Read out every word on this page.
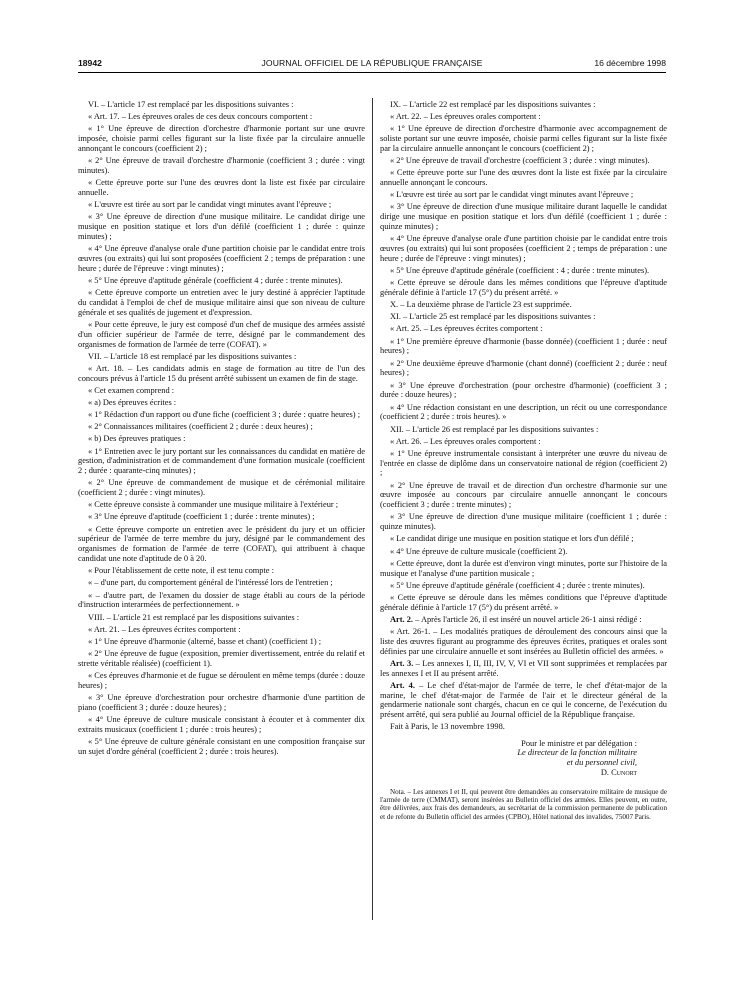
18942	JOURNAL OFFICIEL DE LA RÉPUBLIQUE FRANÇAISE	16 décembre 1998

VI. – L'article 17 est remplacé par les dispositions suivantes :

« Art. 17. – Les épreuves orales de ces deux concours comportent :

« 1° Une épreuve de direction d'orchestre d'harmonie portant sur une œuvre imposée, choisie parmi celles figurant sur la liste fixée par la circulaire annuelle annonçant le concours (coefficient 2) ;

« 2° Une épreuve de travail d'orchestre d'harmonie (coefficient 3 ; durée : vingt minutes).

« Cette épreuve porte sur l'une des œuvres dont la liste est fixée par circulaire annuelle.

« L'œuvre est tirée au sort par le candidat vingt minutes avant l'épreuve ;

« 3° Une épreuve de direction d'une musique militaire. Le candidat dirige une musique en position statique et lors d'un défilé (coefficient 1 ; durée : quinze minutes) ;

« 4° Une épreuve d'analyse orale d'une partition choisie par le candidat entre trois œuvres (ou extraits) qui lui sont proposées (coefficient 2 ; temps de préparation : une heure ; durée de l'épreuve : vingt minutes) ;

« 5° Une épreuve d'aptitude générale (coefficient 4 ; durée : trente minutes).

« Cette épreuve comporte un entretien avec le jury destiné à apprécier l'aptitude du candidat à l'emploi de chef de musique militaire ainsi que son niveau de culture générale et ses qualités de jugement et d'expression.

« Pour cette épreuve, le jury est composé d'un chef de musique des armées assisté d'un officier supérieur de l'armée de terre, désigné par le commandement des organismes de formation de l'armée de terre (COFAT). »

VII. – L'article 18 est remplacé par les dispositions suivantes :

« Art. 18. – Les candidats admis en stage de formation au titre de l'un des concours prévus à l'article 15 du présent arrêté subissent un examen de fin de stage.

« Cet examen comprend :

« a) Des épreuves écrites :

« 1° Rédaction d'un rapport ou d'une fiche (coefficient 3 ; durée : quatre heures) ;

« 2° Connaissances militaires (coefficient 2 ; durée : deux heures) ;

« b) Des épreuves pratiques :

« 1° Entretien avec le jury portant sur les connaissances du candidat en matière de gestion, d'administration et de commandement d'une formation musicale (coefficient 2 ; durée : quarante-cinq minutes) ;

« 2° Une épreuve de commandement de musique et de cérémonial militaire (coefficient 2 ; durée : vingt minutes).

« Cette épreuve consiste à commander une musique militaire à l'extérieur ;

« 3° Une épreuve d'aptitude (coefficient 1 ; durée : trente minutes) ;

« Cette épreuve comporte un entretien avec le président du jury et un officier supérieur de l'armée de terre membre du jury, désigné par le commandement des organismes de formation de l'armée de terre (COFAT), qui attribuent à chaque candidat une note d'aptitude de 0 à 20.

« Pour l'établissement de cette note, il est tenu compte :

« – d'une part, du comportement général de l'intéressé lors de l'entretien ;

« – d'autre part, de l'examen du dossier de stage établi au cours de la période d'instruction interarmées de perfectionnement. »

VIII. – L'article 21 est remplacé par les dispositions suivantes :

« Art. 21. – Les épreuves écrites comportent :

« 1° Une épreuve d'harmonie (alterné, basse et chant) (coefficient 1) ;

« 2° Une épreuve de fugue (exposition, premier divertissement, entrée du relatif et strette véritable réalisée) (coefficient 1).

« Ces épreuves d'harmonie et de fugue se déroulent en même temps (durée : douze heures) ;

« 3° Une épreuve d'orchestration pour orchestre d'harmonie d'une partition de piano (coefficient 3 ; durée : douze heures) ;

« 4° Une épreuve de culture musicale consistant à écouter et à commenter dix extraits musicaux (coefficient 1 ; durée : trois heures) ;

« 5° Une épreuve de culture générale consistant en une composition française sur un sujet d'ordre général (coefficient 2 ; durée : trois heures).

IX. – L'article 22 est remplacé par les dispositions suivantes :

« Art. 22. – Les épreuves orales comportent :

« 1° Une épreuve de direction d'orchestre d'harmonie avec accompagnement de soliste portant sur une œuvre imposée, choisie parmi celles figurant sur la liste fixée par la circulaire annuelle annonçant le concours (coefficient 2) ;

« 2° Une épreuve de travail d'orchestre (coefficient 3 ; durée : vingt minutes).

« Cette épreuve porte sur l'une des œuvres dont la liste est fixée par la circulaire annuelle annonçant le concours.

« L'œuvre est tirée au sort par le candidat vingt minutes avant l'épreuve ;

« 3° Une épreuve de direction d'une musique militaire durant laquelle le candidat dirige une musique en position statique et lors d'un défilé (coefficient 1 ; durée : quinze minutes) ;

« 4° Une épreuve d'analyse orale d'une partition choisie par le candidat entre trois œuvres (ou extraits) qui lui sont proposées (coefficient 2 ; temps de préparation : une heure ; durée de l'épreuve : vingt minutes) ;

« 5° Une épreuve d'aptitude générale (coefficient : 4 ; durée : trente minutes).

« Cette épreuve se déroule dans les mêmes conditions que l'épreuve d'aptitude générale définie à l'article 17 (5°) du présent arrêté. »

X. – La deuxième phrase de l'article 23 est supprimée.

XI. – L'article 25 est remplacé par les dispositions suivantes :

« Art. 25. – Les épreuves écrites comportent :

« 1° Une première épreuve d'harmonie (basse donnée) (coefficient 1 ; durée : neuf heures) ;

« 2° Une deuxième épreuve d'harmonie (chant donné) (coefficient 2 ; durée : neuf heures) ;

« 3° Une épreuve d'orchestration (pour orchestre d'harmonie) (coefficient 3 ; durée : douze heures) ;

« 4° Une rédaction consistant en une description, un récit ou une correspondance (coefficient 2 ; durée : trois heures). »

XII. – L'article 26 est remplacé par les dispositions suivantes :

« Art. 26. – Les épreuves orales comportent :

« 1° Une épreuve instrumentale consistant à interpréter une œuvre du niveau de l'entrée en classe de diplôme dans un conservatoire national de région (coefficient 2) ;

« 2° Une épreuve de travail et de direction d'un orchestre d'harmonie sur une œuvre imposée au concours par circulaire annuelle annonçant le concours (coefficient 3 ; durée : trente minutes) ;

« 3° Une épreuve de direction d'une musique militaire (coefficient 1 ; durée : quinze minutes).

« Le candidat dirige une musique en position statique et lors d'un défilé ;

« 4° Une épreuve de culture musicale (coefficient 2).

« Cette épreuve, dont la durée est d'environ vingt minutes, porte sur l'histoire de la musique et l'analyse d'une partition musicale ;

« 5° Une épreuve d'aptitude générale (coefficient 4 ; durée : trente minutes).

« Cette épreuve se déroule dans les mêmes conditions que l'épreuve d'aptitude générale définie à l'article 17 (5°) du présent arrêté. »

Art. 2. – Après l'article 26, il est inséré un nouvel article 26-1 ainsi rédigé :

« Art. 26-1. – Les modalités pratiques de déroulement des concours ainsi que la liste des œuvres figurant au programme des épreuves écrites, pratiques et orales sont définies par une circulaire annuelle et sont insérées au Bulletin officiel des armées. »

Art. 3. – Les annexes I, II, III, IV, V, VI et VII sont supprimées et remplacées par les annexes I et II au présent arrêté.

Art. 4. – Le chef d'état-major de l'armée de terre, le chef d'état-major de la marine, le chef d'état-major de l'armée de l'air et le directeur général de la gendarmerie nationale sont chargés, chacun en ce qui le concerne, de l'exécution du présent arrêté, qui sera publié au Journal officiel de la République française.

Fait à Paris, le 13 novembre 1998.

Pour le ministre et par délégation :

Le directeur de la fonction militaire

et du personnel civil,

D. Cunort

Nota. – Les annexes I et II, qui peuvent être demandées au conservatoire militaire de musique de l'armée de terre (CMMAT), seront insérées au Bulletin officiel des armées. Elles peuvent, en outre, être délivrées, aux frais des demandeurs, au secrétariat de la commission permanente de publication et de refonte du Bulletin officiel des armées (CPBO), Hôtel national des invalides, 75007 Paris.
